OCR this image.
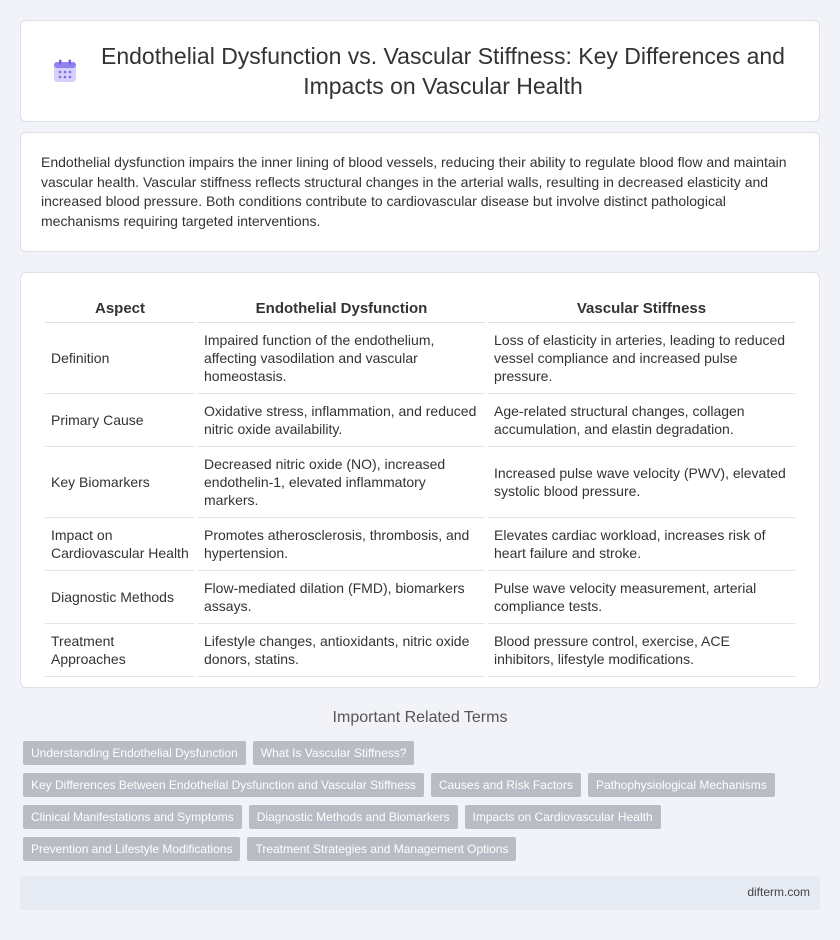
Endothelial Dysfunction vs. Vascular Stiffness: Key Differences and Impacts on Vascular Health

Endothelial dysfunction impairs the inner lining of blood vessels, reducing their ability to regulate blood flow and maintain vascular health. Vascular stiffness reflects structural changes in the arterial walls, resulting in decreased elasticity and increased blood pressure. Both conditions contribute to cardiovascular disease but involve distinct pathological mechanisms requiring targeted interventions.

Aspect	Endothelial Dysfunction	Vascular Stiffness
Definition	Impaired function of the endothelium, affecting vasodilation and vascular homeostasis.	Loss of elasticity in arteries, leading to reduced vessel compliance and increased pulse pressure.
Primary Cause	Oxidative stress, inflammation, and reduced nitric oxide availability.	Age-related structural changes, collagen accumulation, and elastin degradation.
Key Biomarkers	Decreased nitric oxide (NO), increased endothelin-1, elevated inflammatory markers.	Increased pulse wave velocity (PWV), elevated systolic blood pressure.
Impact on Cardiovascular Health	Promotes atherosclerosis, thrombosis, and hypertension.	Elevates cardiac workload, increases risk of heart failure and stroke.
Diagnostic Methods	Flow-mediated dilation (FMD), biomarkers assays.	Pulse wave velocity measurement, arterial compliance tests.
Treatment Approaches	Lifestyle changes, antioxidants, nitric oxide donors, statins.	Blood pressure control, exercise, ACE inhibitors, lifestyle modifications.
Important Related Terms
Understanding Endothelial Dysfunction	What Is Vascular Stiffness?
Key Differences Between Endothelial Dysfunction and Vascular Stiffness	Causes and Risk Factors	Pathophysiological Mechanisms
Clinical Manifestations and Symptoms	Diagnostic Methods and Biomarkers	Impacts on Cardiovascular Health
Prevention and Lifestyle Modifications	Treatment Strategies and Management Options
difterm.com
